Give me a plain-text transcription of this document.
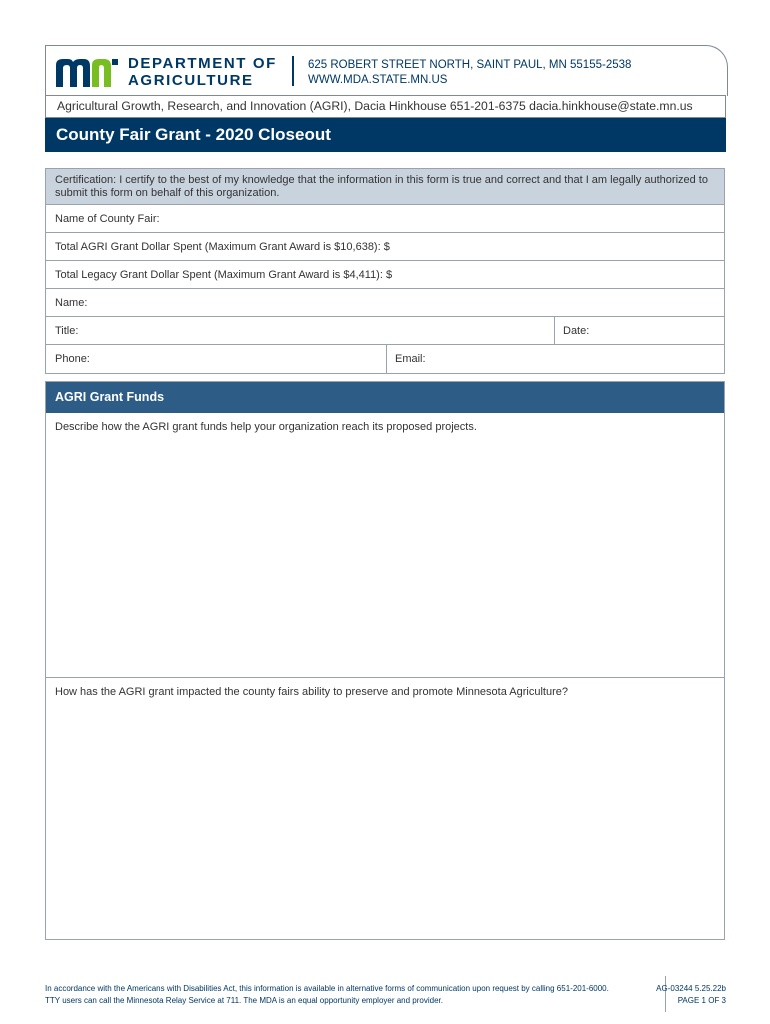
DEPARTMENT OF
AGRICULTURE
625 ROBERT STREET NORTH, SAINT PAUL, MN 55155-2538
WWW.MDA.STATE.MN.US
Agricultural Growth, Research, and Innovation (AGRI), Dacia Hinkhouse 651-201-6375 dacia.hinkhouse@state.mn.us
County Fair Grant - 2020 Closeout
Certification: I certify to the best of my knowledge that the information in this form is true and correct and that I am legally authorized to submit this form on behalf of this organization.
Name of County Fair:
Total AGRI Grant Dollar Spent (Maximum Grant Award is $10,638): $
Total Legacy Grant Dollar Spent (Maximum Grant Award is $4,411): $
Name:
Title:	Date:
Phone:	Email:
AGRI Grant Funds
Describe how the AGRI grant funds help your organization reach its proposed projects.
How has the AGRI grant impacted the county fairs ability to preserve and promote Minnesota Agriculture?
In accordance with the Americans with Disabilities Act, this information is available in alternative forms of communication upon request by calling 651-201-6000. TTY users can call the Minnesota Relay Service at 711. The MDA is an equal opportunity employer and provider.
AG-03244 5.25.22b
PAGE 1 OF 3
